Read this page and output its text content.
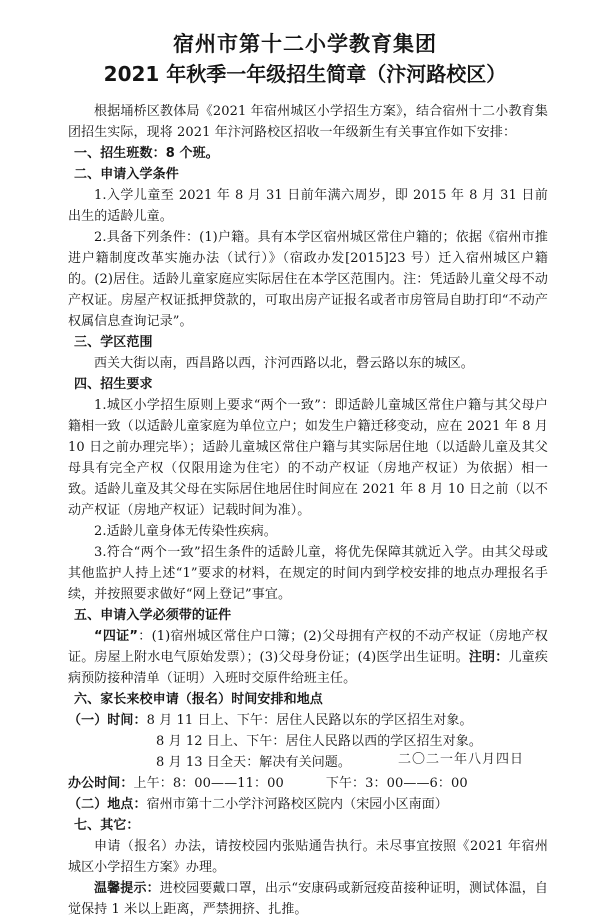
宿州市第十二小学教育集团
2021 年秋季一年级招生简章（汴河路校区）

根据埇桥区教体局《2021 年宿州城区小学招生方案》，结合宿州十二小教育集团招生实际，现将 2021 年汴河路校区招收一年级新生有关事宜作如下安排：

一、招生班数：8 个班。

二、申请入学条件

1.入学儿童至 2021 年 8 月 31 日前年满六周岁，即 2015 年 8 月 31 日前出生的适龄儿童。

2.具备下列条件：(1)户籍。具有本学区宿州城区常住户籍的；依据《宿州市推进户籍制度改革实施办法（试行）》（宿政办发[2015]23 号）迁入宿州城区户籍的。(2)居住。适龄儿童家庭应实际居住在本学区范围内。注：凭适龄儿童父母不动产权证。房屋产权证抵押贷款的，可取出房产证报名或者市房管局自助打印“不动产权属信息查询记录”。

三、学区范围

西关大街以南，西昌路以西，汴河西路以北，磬云路以东的城区。

四、招生要求

1.城区小学招生原则上要求“两个一致”：即适龄儿童城区常住户籍与其父母户籍相一致（以适龄儿童家庭为单位立户；如发生户籍迁移变动，应在 2021 年 8 月 10 日之前办理完毕）；适龄儿童城区常住户籍与其实际居住地（以适龄儿童及其父母具有完全产权（仅限用途为住宅）的不动产权证（房地产权证）为依据）相一致。适龄儿童及其父母在实际居住地居住时间应在 2021 年 8 月 10 日之前（以不动产权证（房地产权证）记载时间为准）。

2.适龄儿童身体无传染性疾病。

3.符合“两个一致”招生条件的适龄儿童，将优先保障其就近入学。由其父母或其他监护人持上述“1”要求的材料，在规定的时间内到学校安排的地点办理报名手续，并按照要求做好“网上登记”事宜。

五、申请入学必须带的证件

“四证”：(1)宿州城区常住户口簿；(2)父母拥有产权的不动产权证（房地产权证。房屋上附水电气原始发票）；(3)父母身份证；(4)医学出生证明。注明：儿童疾病预防接种清单（证明）入班时交原件给班主任。

六、家长来校申请（报名）时间安排和地点

（一）时间：8 月 11 日上、下午：居住人民路以东的学区招生对象。

8 月 12 日上、下午：居住人民路以西的学区招生对象。

8 月 13 日全天：解决有关问题。

办公时间： 上午：8：00——11：00	下午：3：00——6：00

（二）地点：宿州市第十二小学汴河路校区院内（宋园小区南面）

七、其它：

申请（报名）办法，请按校园内张贴通告执行。未尽事宜按照《2021 年宿州城区小学招生方案》办理。

温馨提示：进校园要戴口罩，出示“安康码或新冠疫苗接种证明，测试体温，自觉保持 1 米以上距离，严禁拥挤、扎推。

二〇二一年八月四日
